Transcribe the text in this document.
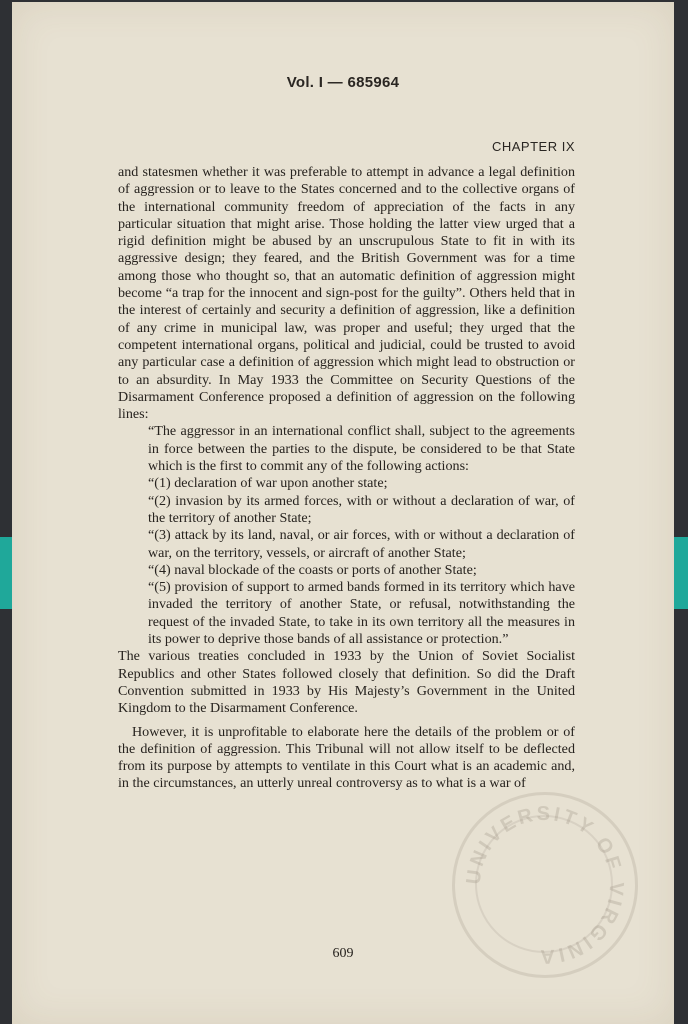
Vol. I — 685964
CHAPTER IX

and statesmen whether it was preferable to attempt in advance a legal definition of aggression or to leave to the States concerned and to the collective organs of the international community freedom of appreciation of the facts in any particular situation that might arise. Those holding the latter view urged that a rigid definition might be abused by an unscrupulous State to fit in with its aggressive design; they feared, and the British Government was for a time among those who thought so, that an automatic definition of aggression might become “a trap for the innocent and sign-post for the guilty”. Others held that in the interest of certainly and security a definition of aggression, like a definition of any crime in municipal law, was proper and useful; they urged that the competent international organs, political and judicial, could be trusted to avoid any particular case a definition of aggression which might lead to obstruction or to an absurdity. In May 1933 the Committee on Security Questions of the Disarmament Conference proposed a definition of aggression on the following lines:

“The aggressor in an international conflict shall, subject to the agreements in force between the parties to the dispute, be considered to be that State which is the first to commit any of the following actions:

“(1) declaration of war upon another state;

“(2) invasion by its armed forces, with or without a declaration of war, of the territory of another State;

“(3) attack by its land, naval, or air forces, with or without a declaration of war, on the territory, vessels, or aircraft of another State;

“(4) naval blockade of the coasts or ports of another State;

“(5) provision of support to armed bands formed in its territory which have invaded the territory of another State, or refusal, notwithstanding the request of the invaded State, to take in its own territory all the measures in its power to deprive those bands of all assistance or protection.”

The various treaties concluded in 1933 by the Union of Soviet Socialist Republics and other States followed closely that definition. So did the Draft Convention submitted in 1933 by His Majesty’s Government in the United Kingdom to the Disarmament Conference.

However, it is unprofitable to elaborate here the details of the problem or of the definition of aggression. This Tribunal will not allow itself to be deflected from its purpose by attempts to ventilate in this Court what is an academic and, in the circumstances, an utterly unreal controversy as to what is a war of

609
UNIVERSITY OF VIRGINIA
